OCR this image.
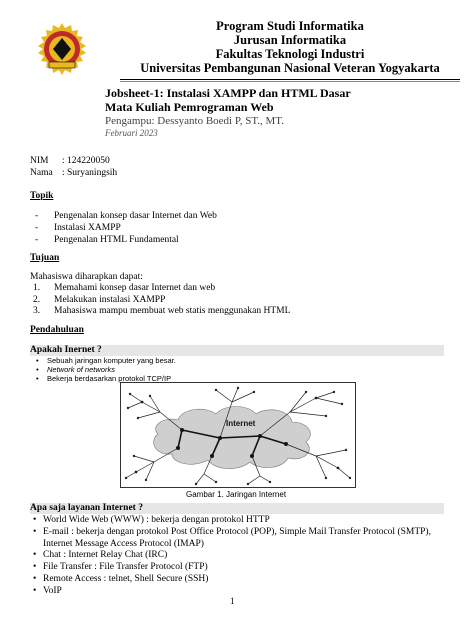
Program Studi Informatika
Jurusan Informatika
Fakultas Teknologi Industri
Universitas Pembangunan Nasional Veteran Yogyakarta
Jobsheet-1: Instalasi XAMPP dan HTML Dasar
Mata Kuliah Pemrograman Web
Pengampu: Dessyanto Boedi P, ST., MT.
Februari 2023
NIM : 124220050
Nama : Suryaningsih
Topik
- Pengenalan konsep dasar Internet dan Web
- Instalasi XAMPP
- Pengenalan HTML Fundamental
Tujuan
Mahasiswa diharapkan dapat:
1. Memahami konsep dasar Internet dan web
2. Melakukan instalasi XAMPP
3. Mahasiswa mampu membuat web statis menggunakan HTML
Pendahuluan
Apakah Inernet ?
• Sebuah jaringan komputer yang besar.
• Network of networks
• Bekerja berdasarkan protokol TCP/IP
Internet
Gambar 1. Jaringan Internet
Apa saja layanan Internet ?
• World Wide Web (WWW) : bekerja dengan protokol HTTP
• E-mail : bekerja dengan protokol Post Office Protocol (POP), Simple Mail Transfer Protocol (SMTP), Internet Message Access Protocol (IMAP)
• Chat : Internet Relay Chat (IRC)
• File Transfer : File Transfer Protocol (FTP)
• Remote Access : telnet, Shell Secure (SSH)
• VoIP
1
